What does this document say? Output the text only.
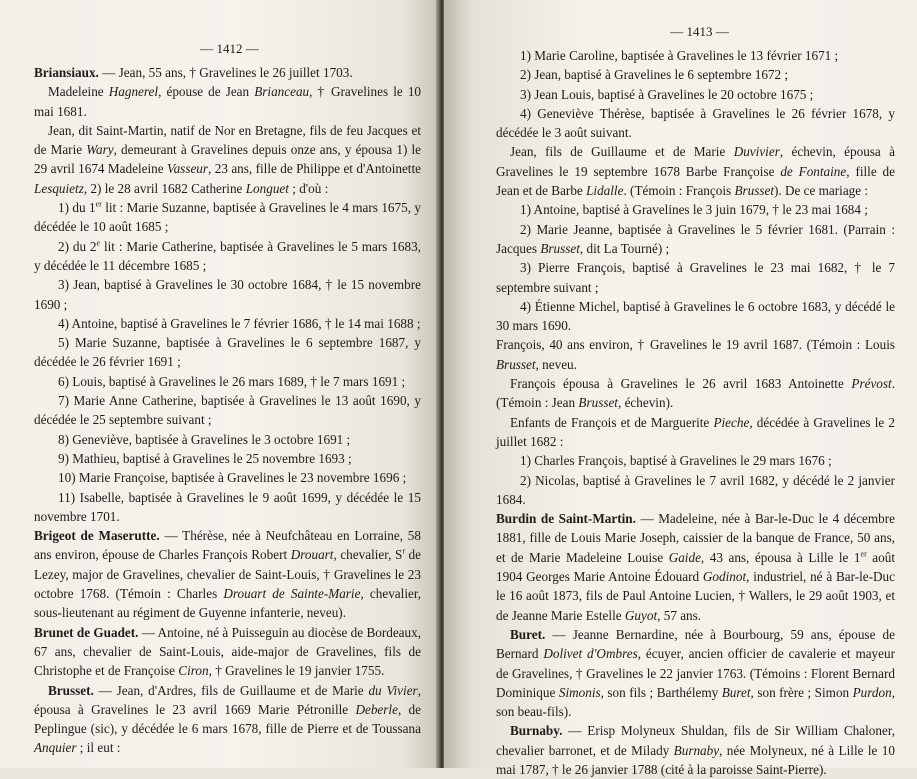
— 1412 —

Briansiaux. — Jean, 55 ans, † Gravelines le 26 juillet 1703.

Madeleine Hagnerel, épouse de Jean Brianceau, † Gravelines le 10 mai 1681.

Jean, dit Saint-Martin, natif de Nor en Bretagne, fils de feu Jacques et de Marie Wary, demeurant à Gravelines depuis onze ans, y épousa 1) le 29 avril 1674 Madeleine Vasseur, 23 ans, fille de Philippe et d'Antoinette Lesquietz, 2) le 28 avril 1682 Catherine Longuet ; d'où :

1) du 1er lit : Marie Suzanne, baptisée à Gravelines le 4 mars 1675, y décédée le 10 août 1685 ;

2) du 2e lit : Marie Catherine, baptisée à Gravelines le 5 mars 1683, y décédée le 11 décembre 1685 ;

3) Jean, baptisé à Gravelines le 30 octobre 1684, † le 15 novembre 1690 ;

4) Antoine, baptisé à Gravelines le 7 février 1686, † le 14 mai 1688 ;

5) Marie Suzanne, baptisée à Gravelines le 6 septembre 1687, y décédée le 26 février 1691 ;

6) Louis, baptisé à Gravelines le 26 mars 1689, † le 7 mars 1691 ;

7) Marie Anne Catherine, baptisée à Gravelines le 13 août 1690, y décédée le 25 septembre suivant ;

8) Geneviève, baptisée à Gravelines le 3 octobre 1691 ;

9) Mathieu, baptisé à Gravelines le 25 novembre 1693 ;

10) Marie Françoise, baptisée à Gravelines le 23 novembre 1696 ;

11) Isabelle, baptisée à Gravelines le 9 août 1699, y décédée le 15 novembre 1701.

Brigeot de Maserutte. — Thérèse, née à Neufchâteau en Lorraine, 58 ans environ, épouse de Charles François Robert Drouart, chevalier, $S^r$ de Lezey, major de Gravelines, chevalier de Saint-Louis, † Gravelines le 23 octobre 1768. (Témoin : Charles Drouart de Sainte-Marie, chevalier, sous-lieutenant au régiment de Guyenne infanterie, neveu).

Brunet de Guadet. — Antoine, né à Puisseguin au diocèse de Bordeaux, 67 ans, chevalier de Saint-Louis, aide-major de Gravelines, fils de Christophe et de Françoise Ciron, † Gravelines le 19 janvier 1755.

Brusset. — Jean, d'Ardres, fils de Guillaume et de Marie du Vivier, épousa à Gravelines le 23 avril 1669 Marie Pétronille Deberle, de Peplingue (sic), y décédée le 6 mars 1678, fille de Pierre et de Toussana Anquier ; il eut :

— 1413 —

1) Marie Caroline, baptisée à Gravelines le 13 février 1671 ;

2) Jean, baptisé à Gravelines le 6 septembre 1672 ;

3) Jean Louis, baptisé à Gravelines le 20 octobre 1675 ;

4) Geneviève Thérèse, baptisée à Gravelines le 26 février 1678, y décédée le 3 août suivant.

Jean, fils de Guillaume et de Marie Duvivier, échevin, épousa à Gravelines le 19 septembre 1678 Barbe Françoise de Fontaine, fille de Jean et de Barbe Lidalle. (Témoin : François Brusset). De ce mariage :

1) Antoine, baptisé à Gravelines le 3 juin 1679, † le 23 mai 1684 ;

2) Marie Jeanne, baptisée à Gravelines le 5 février 1681. (Parrain : Jacques Brusset, dit La Tourné) ;

3) Pierre François, baptisé à Gravelines le 23 mai 1682, † le 7 septembre suivant ;

4) Étienne Michel, baptisé à Gravelines le 6 octobre 1683, y décédé le 30 mars 1690.

François, 40 ans environ, † Gravelines le 19 avril 1687. (Témoin : Louis Brusset, neveu.

François épousa à Gravelines le 26 avril 1683 Antoinette Prévost. (Témoin : Jean Brusset, échevin).

Enfants de François et de Marguerite Pieche, décédée à Gravelines le 2 juillet 1682 :

1) Charles François, baptisé à Gravelines le 29 mars 1676 ;

2) Nicolas, baptisé à Gravelines le 7 avril 1682, y décédé le 2 janvier 1684.

Burdin de Saint-Martin. — Madeleine, née à Bar-le-Duc le 4 décembre 1881, fille de Louis Marie Joseph, caissier de la banque de France, 50 ans, et de Marie Madeleine Louise Gaide, 43 ans, épousa à Lille le 1er août 1904 Georges Marie Antoine Édouard Godinot, industriel, né à Bar-le-Duc le 16 août 1873, fils de Paul Antoine Lucien, † Wallers, le 29 août 1903, et de Jeanne Marie Estelle Guyot, 57 ans.

Buret. — Jeanne Bernardine, née à Bourbourg, 59 ans, épouse de Bernard Dolivet d'Ombres, écuyer, ancien officier de cavalerie et mayeur de Gravelines, † Gravelines le 22 janvier 1763. (Témoins : Florent Bernard Dominique Simonis, son fils ; Barthélemy Buret, son frère ; Simon Purdon, son beau-fils).

Burnaby. — Erisp Molyneux Shuldan, fils de Sir William Chaloner, chevalier barronet, et de Milady Burnaby, née Molyneux, né à Lille le 10 mai 1787, † le 26 janvier 1788 (cité à la paroisse Saint-Pierre).
